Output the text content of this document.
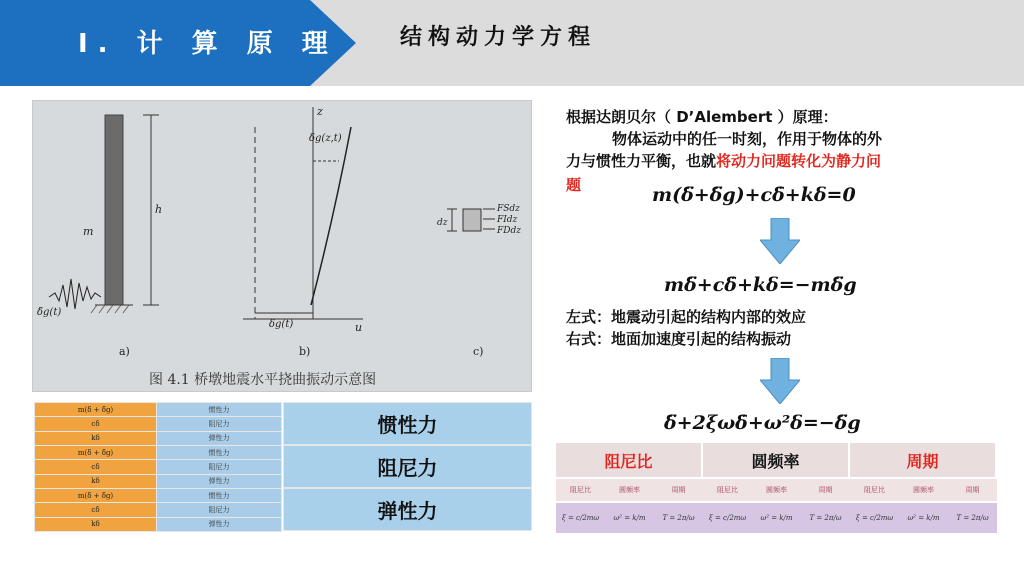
I. 计 算 原 理	结构动力学方程
h
m
δ̈g(t)
a)
z
u
δg(z,t)
δg(t)
b)
dz
FSdz
FIdz
FDdz
c)
图 4.1 桥墩地震水平挠曲振动示意图
m(δ̈ + δ̈g)	惯性力
cδ̇	阻尼力
kδ	弹性力
m(δ̈ + δ̈g)	惯性力
cδ̇	阻尼力
kδ	弹性力
m(δ̈ + δ̈g)	惯性力
cδ̇	阻尼力
kδ	弹性力
惯性力
阻尼力
弹性力
根据达朗贝尔（ D’Alembert ）原理：
物体运动中的任一时刻，作用于物体的外
力与惯性力平衡，也就将动力问题转化为静力问
题	m(δ̈+δ̈g)+cδ̇+kδ=0
mδ̈+cδ̇+kδ=−mδ̈g
左式：地震动引起的结构内部的效应
右式：地面加速度引起的结构振动
δ̈+2ξωδ̇+ω²δ=−δ̈g
阻尼比	圆频率	周期
阻尼比	圆频率	周期	阻尼比	圆频率	周期	阻尼比	圆频率	周期
ξ = c/2mω	ω² = k/m	T = 2π/ω	ξ = c/2mω	ω² = k/m	T = 2π/ω	ξ = c/2mω	ω² = k/m	T = 2π/ω
